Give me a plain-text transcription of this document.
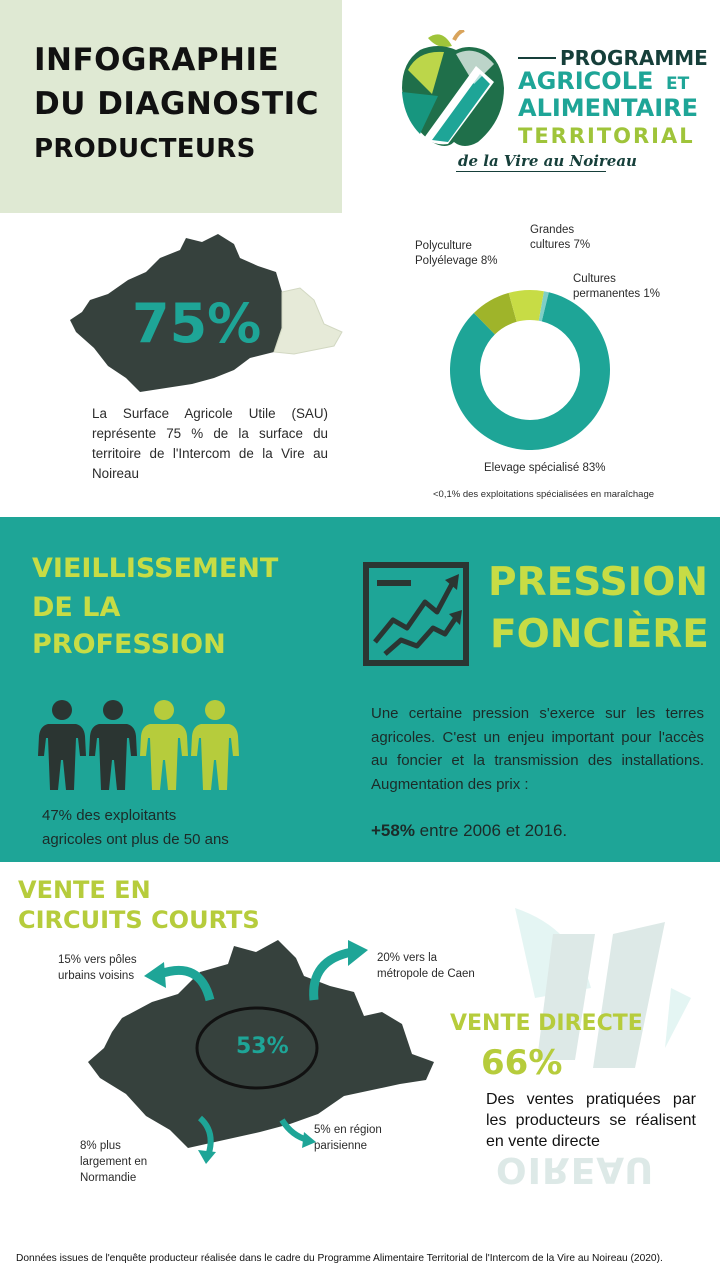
INFOGRAPHIE
DU DIAGNOSTIC
PRODUCTEURS
PROGRAMME
AGRICOLE ET
ALIMENTAIRE
TERRITORIAL
de la Vire au Noireau
75%
La Surface Agricole Utile (SAU) représente 75 % de la surface du territoire de l'Intercom de la Vire au Noireau
Polyculture
Polyélevage 8%
Grandes
cultures 7%
Cultures
permanentes 1%
Elevage spécialisé 83%
<0,1% des exploitations spécialisées en maraîchage
VIEILLISSEMENT
DE LA
PROFESSION
47% des exploitants
agricoles ont plus de 50 ans
PRESSION
FONCIÈRE
Une certaine pression s'exerce sur les terres agricoles. C'est un enjeu important pour l'accès au foncier et la transmission des installations. Augmentation des prix :
+58% entre 2006 et 2016.
OIREAU
VENTE EN
CIRCUITS COURTS
53%
15% vers pôles
urbains voisins
20% vers la
métropole de Caen
5% en région
parisienne
8% plus
largement en
Normandie
VENTE DIRECTE
66%
Des ventes pratiquées par les producteurs se réalisent en vente directe
Données issues de l'enquête producteur réalisée dans le cadre du Programme Alimentaire Territorial de l'Intercom de la Vire au Noireau (2020).
